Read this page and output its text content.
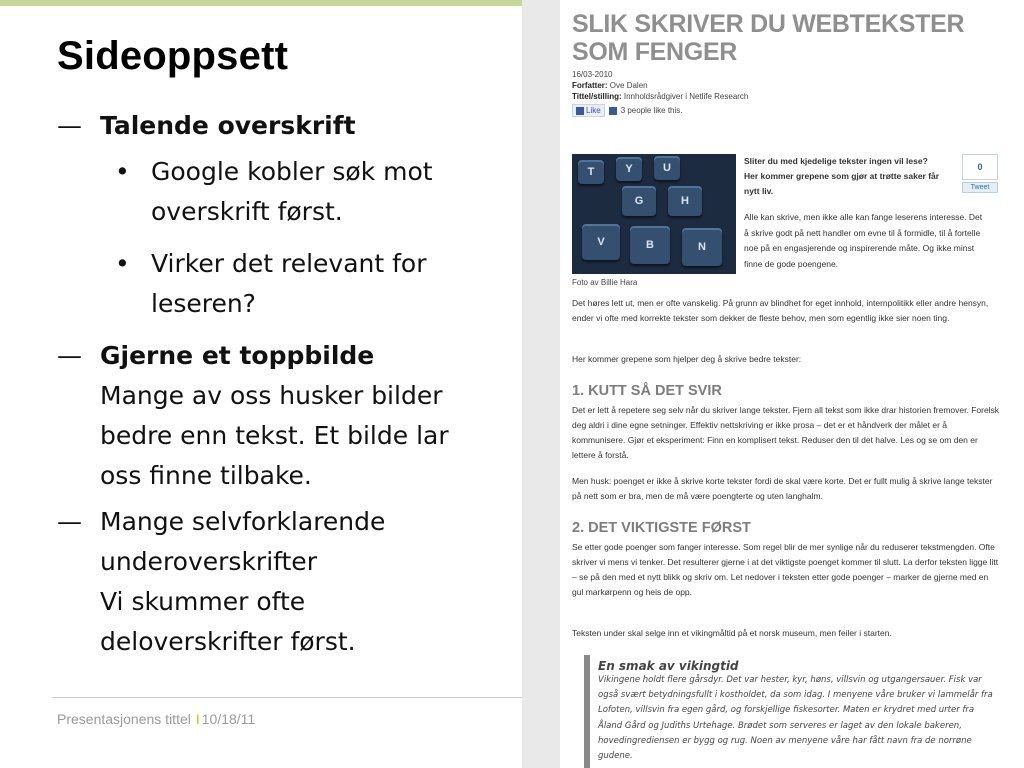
Sideoppsett
— Talende overskrift
• Google kobler søk mot
overskrift først.
• Virker det relevant for
leseren?
— Gjerne et toppbilde
Mange av oss husker bilder
bedre enn tekst. Et bilde lar
oss finne tilbake.
— Mange selvforklarende
underoverskrifter
Vi skummer ofte
deloverskrifter først.
Presentasjonens tittel I 10/18/11
SLIK SKRIVER DU WEBTEKSTER SOM FENGER
16/03-2010
Forfatter: Ove Dalen
Tittel/stilling: Innholdsrådgiver i Netlife Research
Like	3 people like this.
T	Y	U
G	H
V	B	N
Foto av Billie Hara
Sliter du med kjedelige tekster ingen vil lese? Her kommer grepene som gjør at trøtte saker får nytt liv.
Alle kan skrive, men ikke alle kan fange leserens interesse. Det å skrive godt på nett handler om evne til å formidle, til å fortelle noe på en engasjerende og inspirerende måte. Og ikke minst finne de gode poengene.
0
Tweet
Det høres lett ut, men er ofte vanskelig. På grunn av blindhet for eget innhold, internpolitikk eller andre hensyn, ender vi ofte med korrekte tekster som dekker de fleste behov, men som egentlig ikke sier noen ting.
Her kommer grepene som hjelper deg å skrive bedre tekster:
1. KUTT SÅ DET SVIR
Det er lett å repetere seg selv når du skriver lange tekster. Fjern all tekst som ikke drar historien fremover. Forelsk deg aldri i dine egne setninger. Effektiv nettskriving er ikke prosa – det er et håndverk der målet er å kommunisere. Gjør et eksperiment: Finn en komplisert tekst. Reduser den til det halve. Les og se om den er lettere å forstå.
Men husk: poenget er ikke å skrive korte tekster fordi de skal være korte. Det er fullt mulig å skrive lange tekster på nett som er bra, men de må være poengterte og uten langhalm.
2. DET VIKTIGSTE FØRST
Se etter gode poenger som fanger interesse. Som regel blir de mer synlige når du reduserer tekstmengden. Ofte skriver vi mens vi tenker. Det resulterer gjerne i at det viktigste poenget kommer til slutt. La derfor teksten ligge litt – se på den med et nytt blikk og skriv om. Let nedover i teksten etter gode poenger – marker de gjerne med en gul markørpenn og heis de opp.
Teksten under skal selge inn et vikingmåltid på et norsk museum, men feiler i starten.
En smak av vikingtid
Vikingene holdt flere gårsdyr. Det var hester, kyr, høns, villsvin og utgangersauer. Fisk var også svært betydningsfullt i kostholdet, da som idag. I menyene våre bruker vi lammelår fra Lofoten, villsvin fra egen gård, og forskjellige fiskesorter. Maten er krydret med urter fra Åland Gård og Judiths Urtehage. Brødet som serveres er laget av den lokale bakeren, hovedingrediensen er bygg og rug. Noen av menyene våre har fått navn fra de norrøne gudene.
